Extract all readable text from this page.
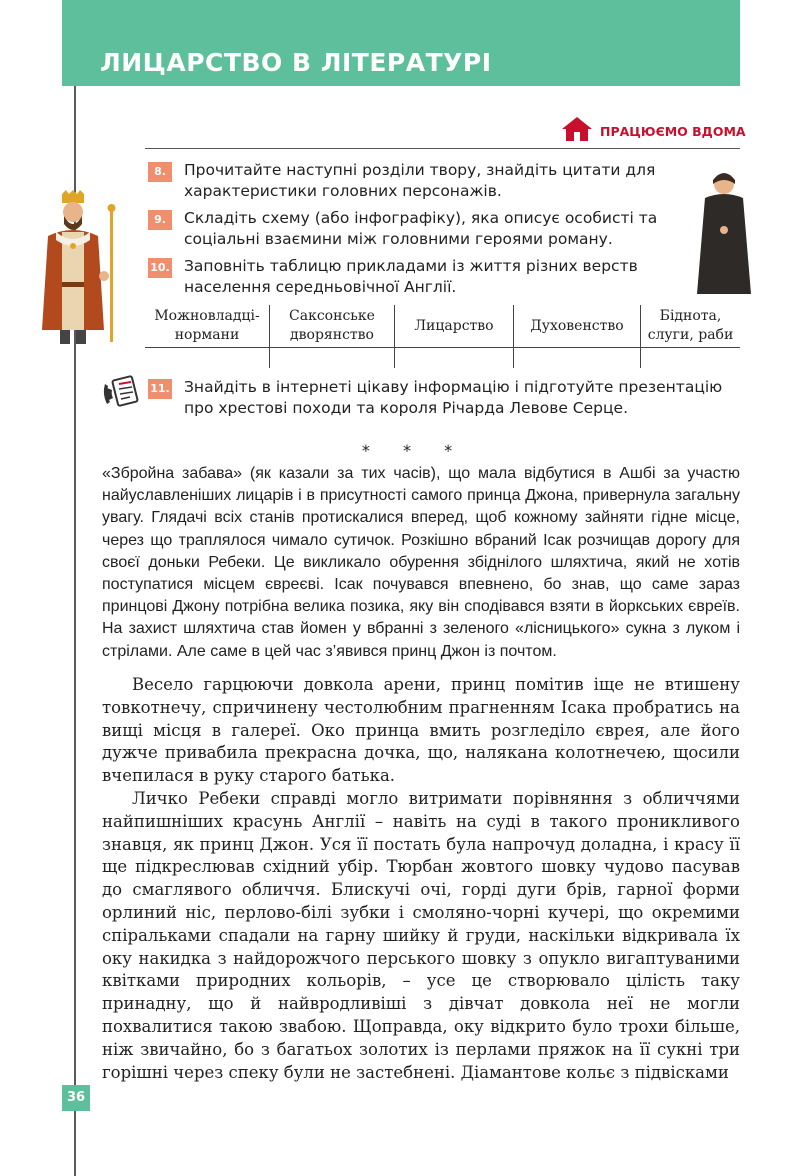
ЛИЦАРСТВО В ЛІТЕРАТУРІ
ПРАЦЮЄМО ВДОМА
8.	Прочитайте наступні розділи твору, знайдіть цитати для характеристики головних персонажів.
9.	Складіть схему (або інфографіку), яка описує особисті та соціальні взаємини між головними героями роману.
10. Заповніть таблицю прикладами із життя різних верств населення середньовічної Англії.
Можновладці-нормани	Саксонське дворянство	Лицарство	Духовенство	Біднота, слуги, раби

11. Знайдіть в інтернеті цікаву інформацію і підготуйте презентацію про хрестові походи та короля Річарда Левове Серце.
* * *

«Збройна забава» (як казали за тих часів), що мала відбутися в Ашбі за участю найуславленіших лицарів і в присутності самого принца Джона, привернула загальну увагу. Глядачі всіх станів протискалися вперед, щоб кожному зайняти гідне місце, через що траплялося чимало сутичок. Розкішно вбраний Ісак розчищав дорогу для своєї доньки Ребеки. Це викликало обурення збіднілого шляхтича, який не хотів поступатися місцем євреєві. Ісак почувався впевнено, бо знав, що саме зараз принцові Джону потрібна велика позика, яку він сподівався взяти в йоркських євреїв. На захист шляхтича став йомен у вбранні з зеленого «лісницького» сукна з луком і стрілами. Але саме в цей час з’явився принц Джон із почтом.

Весело гарцюючи довкола арени, принц помітив іще не втишену товкотнечу, спричинену честолюбним прагненням Ісака пробратись на вищі місця в галереї. Око принца вмить розгледіло єврея, але його дужче привабила прекрасна дочка, що, налякана колотнечею, щосили вчепилася в руку старого батька.

Личко Ребеки справді могло витримати порівняння з обличчями найпишніших красунь Англії – навіть на суді в такого проникливого знавця, як принц Джон. Уся її постать була напрочуд доладна, і красу її ще підкреслював східний убір. Тюрбан жовтого шовку чудово пасував до смаглявого обличчя. Блискучі очі, горді дуги брів, гарної форми орлиний ніс, перлово-білі зубки і смоляно-чорні кучері, що окремими спіральками спадали на гарну шийку й груди, наскільки відкривала їх оку накидка з найдорожчого перського шовку з опукло вигаптуваними квітками природних кольорів, – усе це створювало цілість таку принадну, що й найвродливіші з дівчат довкола неї не могли похвалитися такою звабою. Щоправда, оку відкрито було трохи більше, ніж звичайно, бо з багатьох золотих із перлами пряжок на її сукні три горішні через спеку були не застебнені. Діамантове кольє з підвісками

36
